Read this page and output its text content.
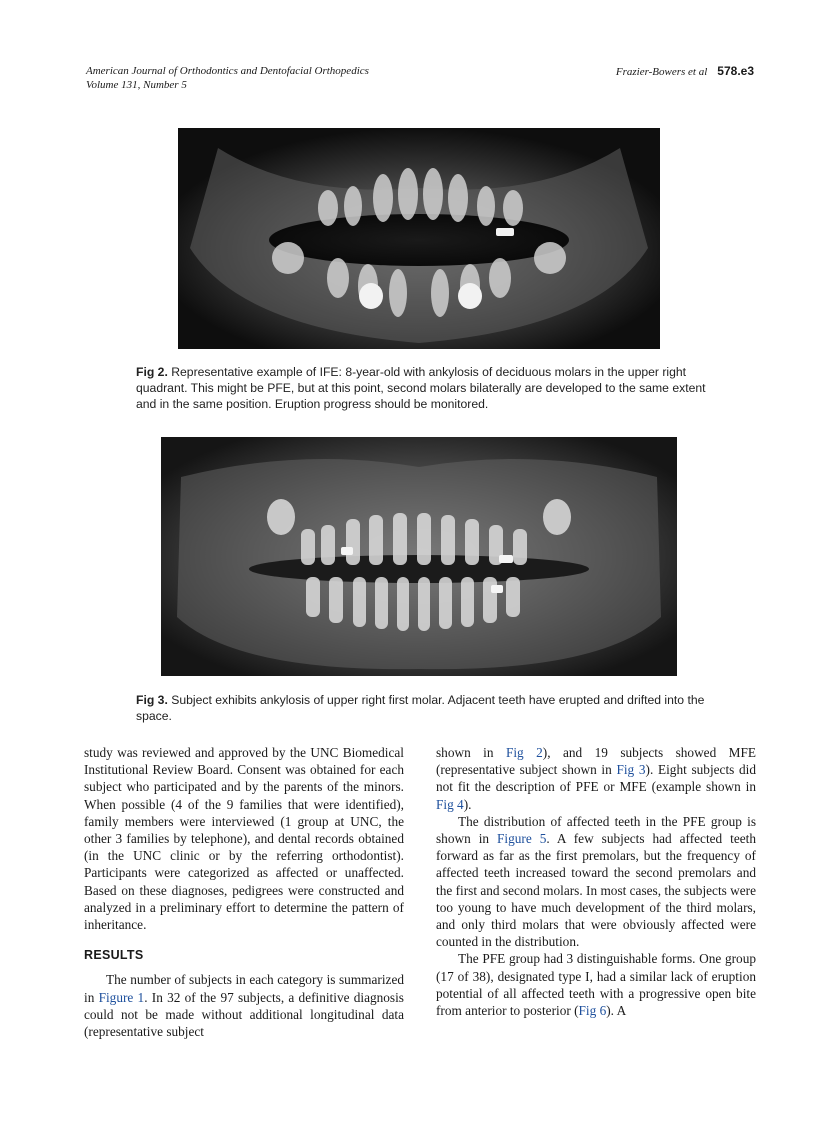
American Journal of Orthodontics and Dentofacial Orthopedics
Volume 131, Number 5
Frazier-Bowers et al 578.e3
Fig 2. Representative example of IFE: 8-year-old with ankylosis of deciduous molars in the upper right quadrant. This might be PFE, but at this point, second molars bilaterally are developed to the same extent and in the same position. Eruption progress should be monitored.
Fig 3. Subject exhibits ankylosis of upper right first molar. Adjacent teeth have erupted and drifted into the space.

study was reviewed and approved by the UNC Biomedical Institutional Review Board. Consent was obtained for each subject who participated and by the parents of the minors. When possible (4 of the 9 families that were identified), family members were interviewed (1 group at UNC, the other 3 families by telephone), and dental records obtained (in the UNC clinic or by the referring orthodontist). Participants were categorized as affected or unaffected. Based on these diagnoses, pedigrees were constructed and analyzed in a preliminary effort to determine the pattern of inheritance.

RESULTS

The number of subjects in each category is summarized in Figure 1. In 32 of the 97 subjects, a definitive diagnosis could not be made without additional longitudinal data (representative subject

shown in Fig 2), and 19 subjects showed MFE (representative subject shown in Fig 3). Eight subjects did not fit the description of PFE or MFE (example shown in Fig 4).

The distribution of affected teeth in the PFE group is shown in Figure 5. A few subjects had affected teeth forward as far as the first premolars, but the frequency of affected teeth increased toward the second premolars and the first and second molars. In most cases, the subjects were too young to have much development of the third molars, and only third molars that were obviously affected were counted in the distribution.

The PFE group had 3 distinguishable forms. One group (17 of 38), designated type I, had a similar lack of eruption potential of all affected teeth with a progressive open bite from anterior to posterior (Fig 6). A
